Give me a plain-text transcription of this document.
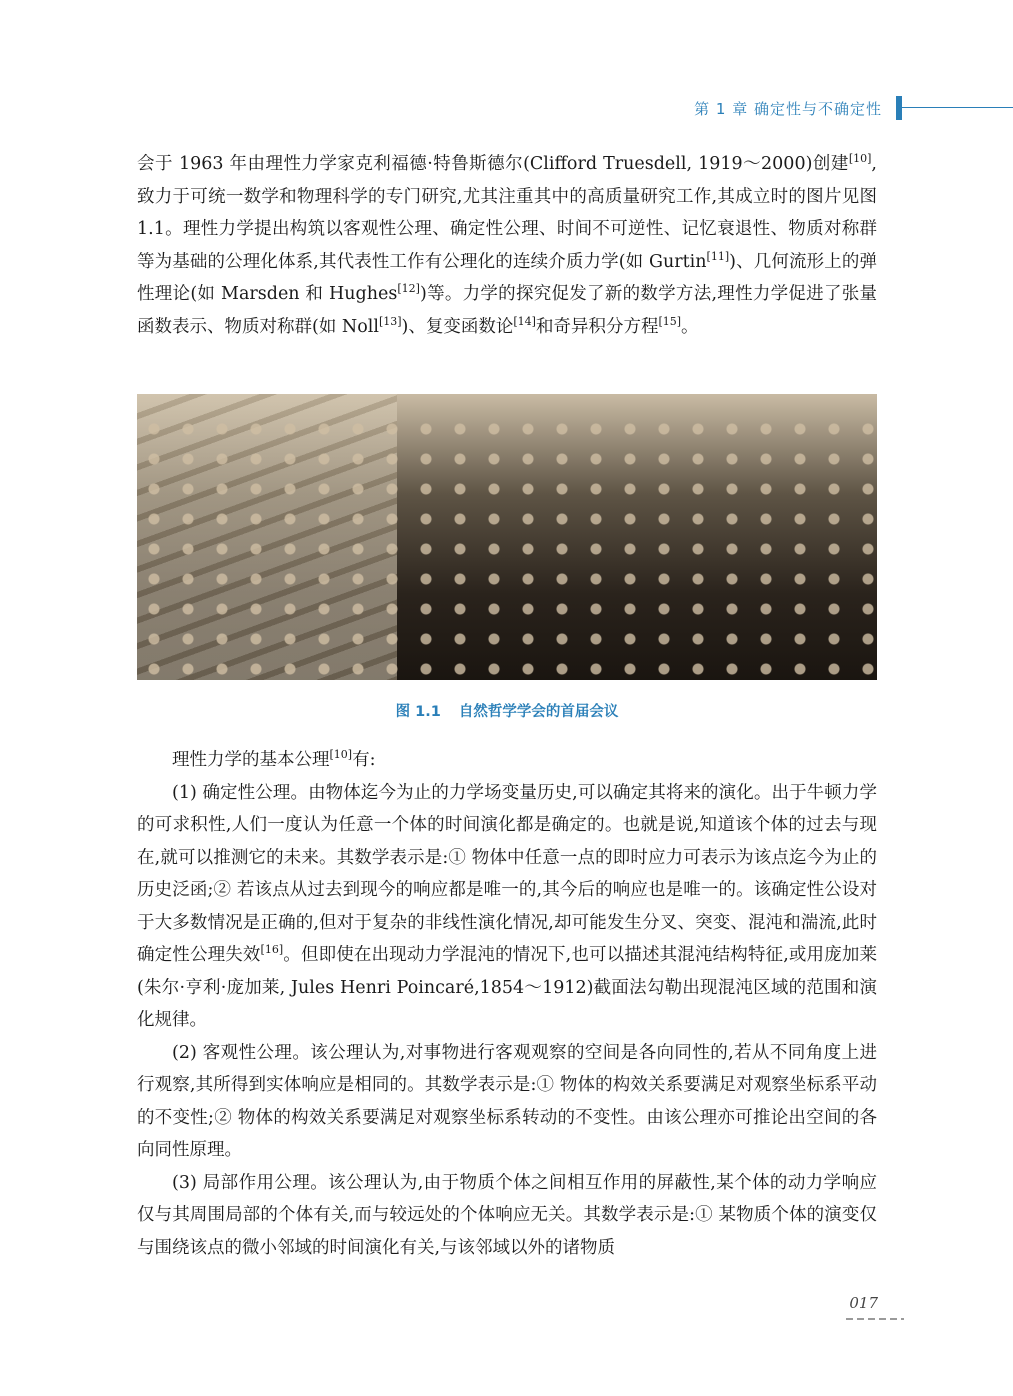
第 1 章 确定性与不确定性

会于 1963 年由理性力学家克利福德·特鲁斯德尔(Clifford Truesdell, 1919～2000)创建[10],致力于可统一数学和物理科学的专门研究,尤其注重其中的高质量研究工作,其成立时的图片见图 1.1。理性力学提出构筑以客观性公理、确定性公理、时间不可逆性、记忆衰退性、物质对称群等为基础的公理化体系,其代表性工作有公理化的连续介质力学(如 Gurtin[11])、几何流形上的弹性理论(如 Marsden 和 Hughes[12])等。力学的探究促发了新的数学方法,理性力学促进了张量函数表示、物质对称群(如 Noll[13])、复变函数论[14]和奇异积分方程[15]。

图 1.1 自然哲学学会的首届会议

理性力学的基本公理[10]有:

(1) 确定性公理。由物体迄今为止的力学场变量历史,可以确定其将来的演化。出于牛顿力学的可求积性,人们一度认为任意一个体的时间演化都是确定的。也就是说,知道该个体的过去与现在,就可以推测它的未来。其数学表示是:① 物体中任意一点的即时应力可表示为该点迄今为止的历史泛函;② 若该点从过去到现今的响应都是唯一的,其今后的响应也是唯一的。该确定性公设对于大多数情况是正确的,但对于复杂的非线性演化情况,却可能发生分叉、突变、混沌和湍流,此时确定性公理失效[16]。但即使在出现动力学混沌的情况下,也可以描述其混沌结构特征,或用庞加莱(朱尔·亨利·庞加莱, Jules Henri Poincaré,1854～1912)截面法勾勒出现混沌区域的范围和演化规律。

(2) 客观性公理。该公理认为,对事物进行客观观察的空间是各向同性的,若从不同角度上进行观察,其所得到实体响应是相同的。其数学表示是:① 物体的构效关系要满足对观察坐标系平动的不变性;② 物体的构效关系要满足对观察坐标系转动的不变性。由该公理亦可推论出空间的各向同性原理。

(3) 局部作用公理。该公理认为,由于物质个体之间相互作用的屏蔽性,某个体的动力学响应仅与其周围局部的个体有关,而与较远处的个体响应无关。其数学表示是:① 某物质个体的演变仅与围绕该点的微小邻域的时间演化有关,与该邻域以外的诸物质

017
